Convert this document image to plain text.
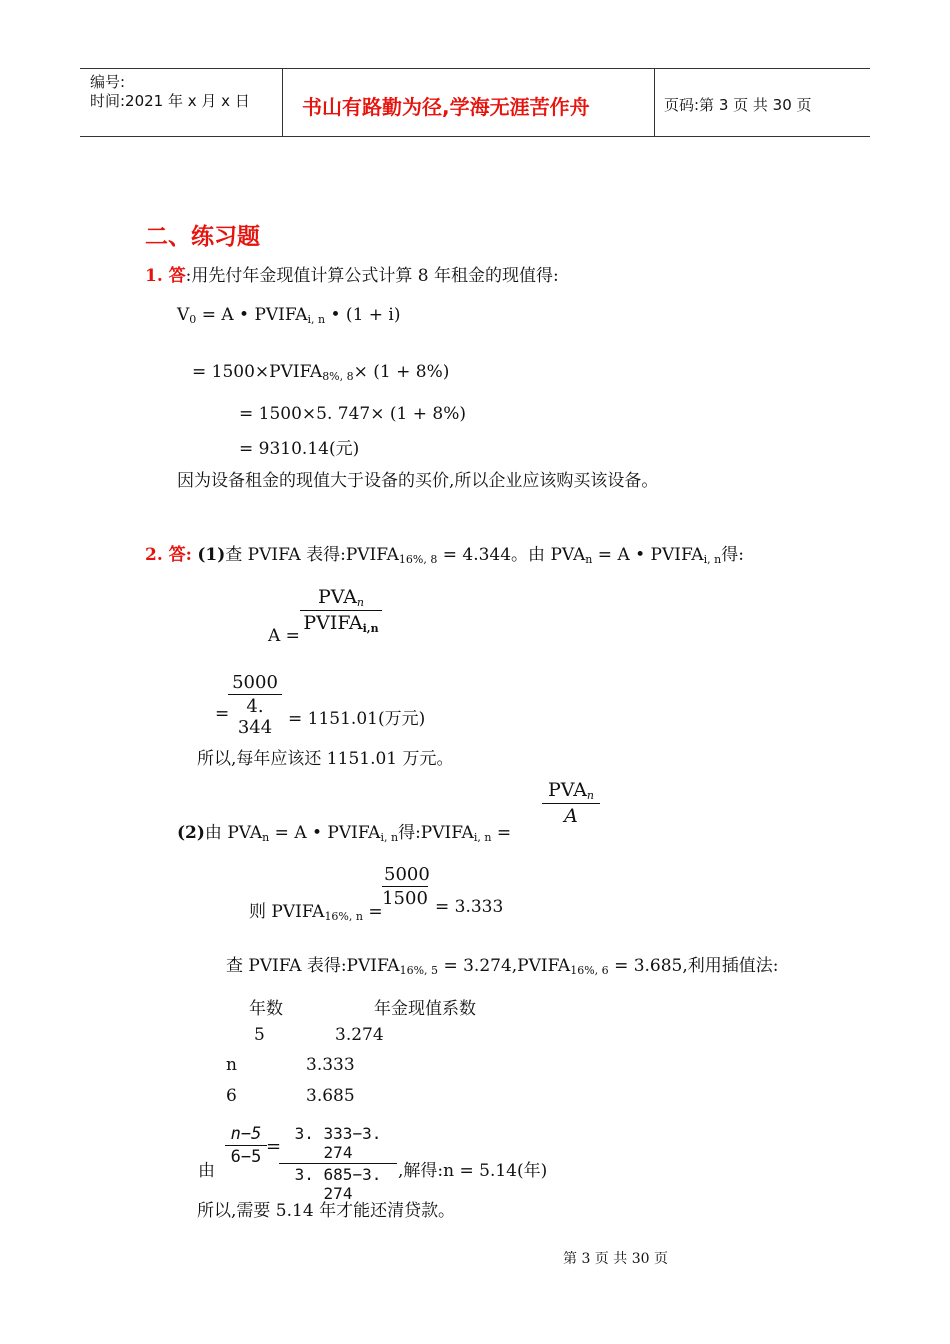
编号:
时间:2021 年 x 月 x 日	书山有路勤为径,学海无涯苦作舟	页码:第 3 页 共 30 页
二、练习题
1. 答:用先付年金现值计算公式计算 8 年租金的现值得:
$V_0 = A$ • $PVIFA_{i, n}$ • (1 + i)
= $1500\times PVIFA_{8\%, 8}\times (1 + 8\%)$
= 1500×5. 747× (1 + 8%)
= 9310.14(元)
因为设备租金的现值大于设备的买价,所以企业应该购买该设备。
2. 答: (1)查 PVIFA 表得$:PVIFA_{16\%, 8} = 4.344$。由 $PVA_n = A$ • $PVIFA_{i, n}$得:
A =
$PVA_n$
$PVIFA_{i,n}$
=
$\frac{5000}{4. 344} = 1151.01$(万元)
所以,每年应该还 1151.01 万元。
(2)由 $PVA_n = A$ • $PVIFA_{i, n}$得$:PVIFA_{i, n}$ =
$PVA_n$
A
则 $PVIFA_{16\%, n}$ =
$\frac{5000}{1500} = 3.333$
查 PVIFA 表得$:PVIFA_{16\%, 5}$ = $3.274,PVIFA_{16\%, 6} = 3.685$,利用插值法:
年数	年金现值系数
5	3.274
n	3.333
6	3.685
由
$\frac{n-5}{6-5}$ =
$\frac{3. 333-3. 274}{3. 685-3. 274}$ ,解得:n = 5.14(年)
所以,需要 5.14 年才能还清贷款。
第 3 页 共 30 页
